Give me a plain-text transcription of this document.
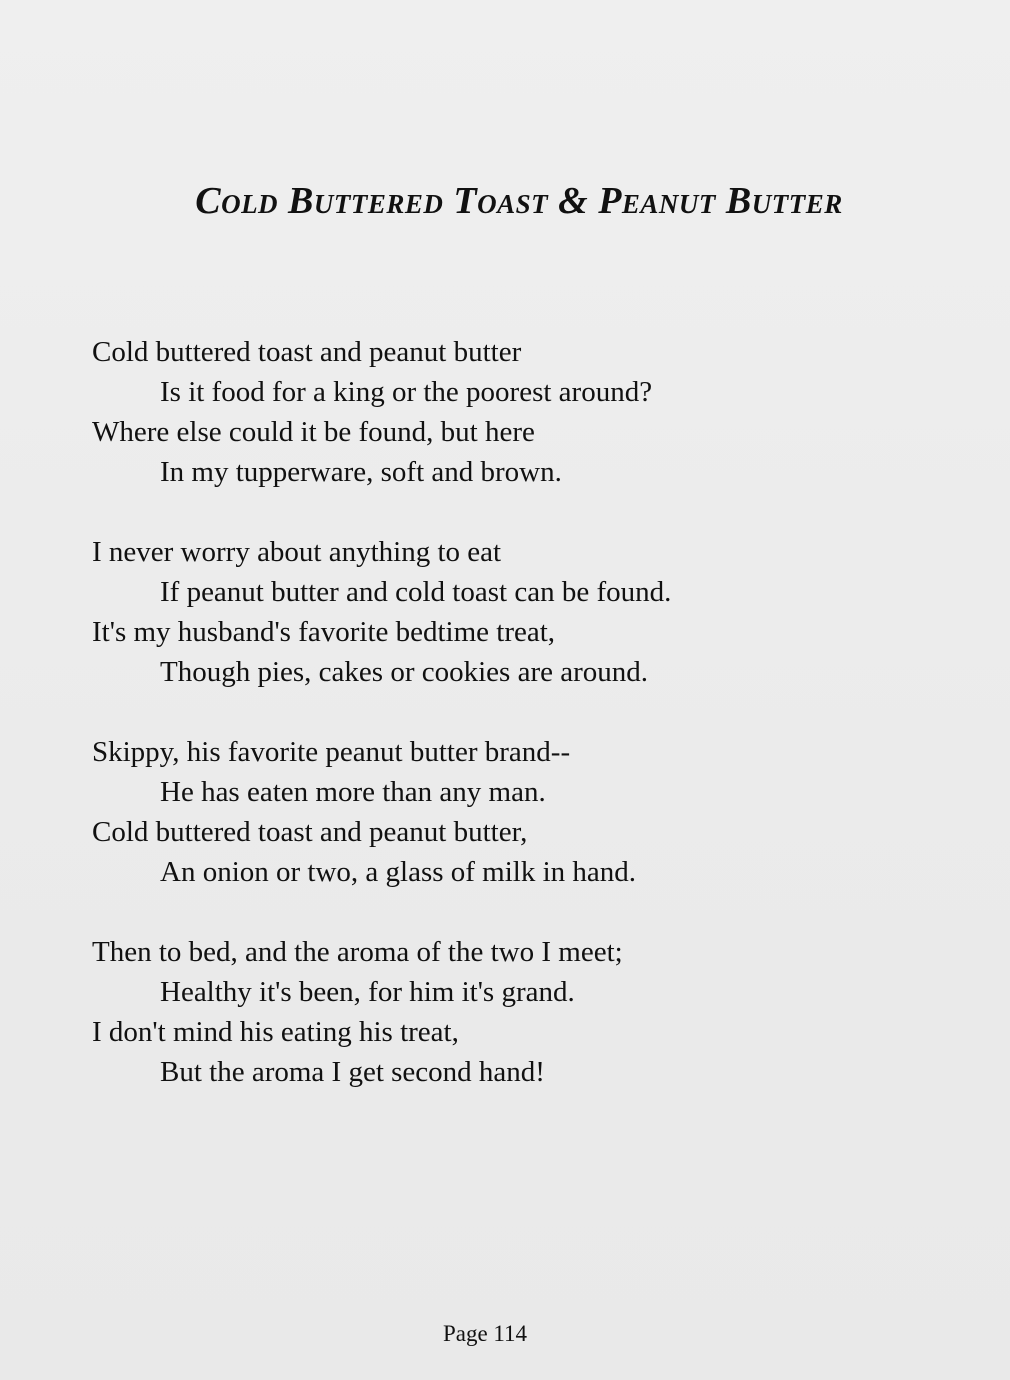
Cold Buttered Toast & Peanut Butter
Cold buttered toast and peanut butter
Is it food for a king or the poorest around?
Where else could it be found, but here
In my tupperware, soft and brown.
I never worry about anything to eat
If peanut butter and cold toast can be found.
It's my husband's favorite bedtime treat,
Though pies, cakes or cookies are around.
Skippy, his favorite peanut butter brand--
He has eaten more than any man.
Cold buttered toast and peanut butter,
An onion or two, a glass of milk in hand.
Then to bed, and the aroma of the two I meet;
Healthy it's been, for him it's grand.
I don't mind his eating his treat,
But the aroma I get second hand!
Page 114
